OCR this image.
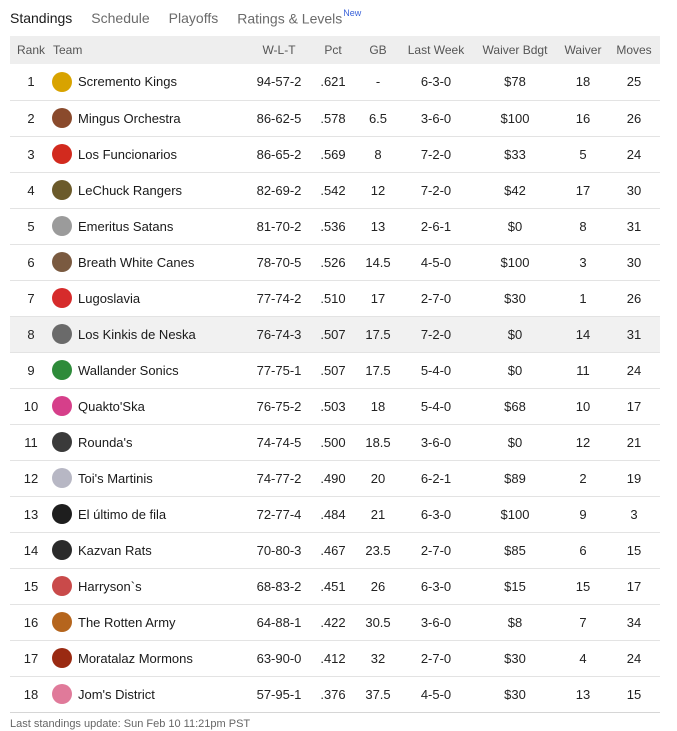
Standings Schedule Playoffs Ratings & Levels$^{New}$
Rank	Team	W-L-T	Pct	GB	Last Week	Waiver Bdgt	Waiver	Moves
1	Scremento Kings	94-57-2	.621	-	6-3-0	$78	18	25
2	Mingus Orchestra	86-62-5	.578	6.5	3-6-0	$100	16	26
3	Los Funcionarios	86-65-2	.569	8	7-2-0	$33	5	24
4	LeChuck Rangers	82-69-2	.542	12	7-2-0	$42	17	30
5	Emeritus Satans	81-70-2	.536	13	2-6-1	$0	8	31
6	Breath White Canes	78-70-5	.526	14.5	4-5-0	$100	3	30
7	Lugoslavia	77-74-2	.510	17	2-7-0	$30	1	26
8	Los Kinkis de Neska	76-74-3	.507	17.5	7-2-0	$0	14	31
9	Wallander Sonics	77-75-1	.507	17.5	5-4-0	$0	11	24
10	Quakto'Ska	76-75-2	.503	18	5-4-0	$68	10	17
11	Rounda's	74-74-5	.500	18.5	3-6-0	$0	12	21
12	Toi's Martinis	74-77-2	.490	20	6-2-1	$89	2	19
13	El último de fila	72-77-4	.484	21	6-3-0	$100	9	3
14	Kazvan Rats	70-80-3	.467	23.5	2-7-0	$85	6	15
15	Harryson`s	68-83-2	.451	26	6-3-0	$15	15	17
16	The Rotten Army	64-88-1	.422	30.5	3-6-0	$8	7	34
17	Moratalaz Mormons	63-90-0	.412	32	2-7-0	$30	4	24
18	Jom's District	57-95-1	.376	37.5	4-5-0	$30	13	15
Last standings update: Sun Feb 10 11:21pm PST
